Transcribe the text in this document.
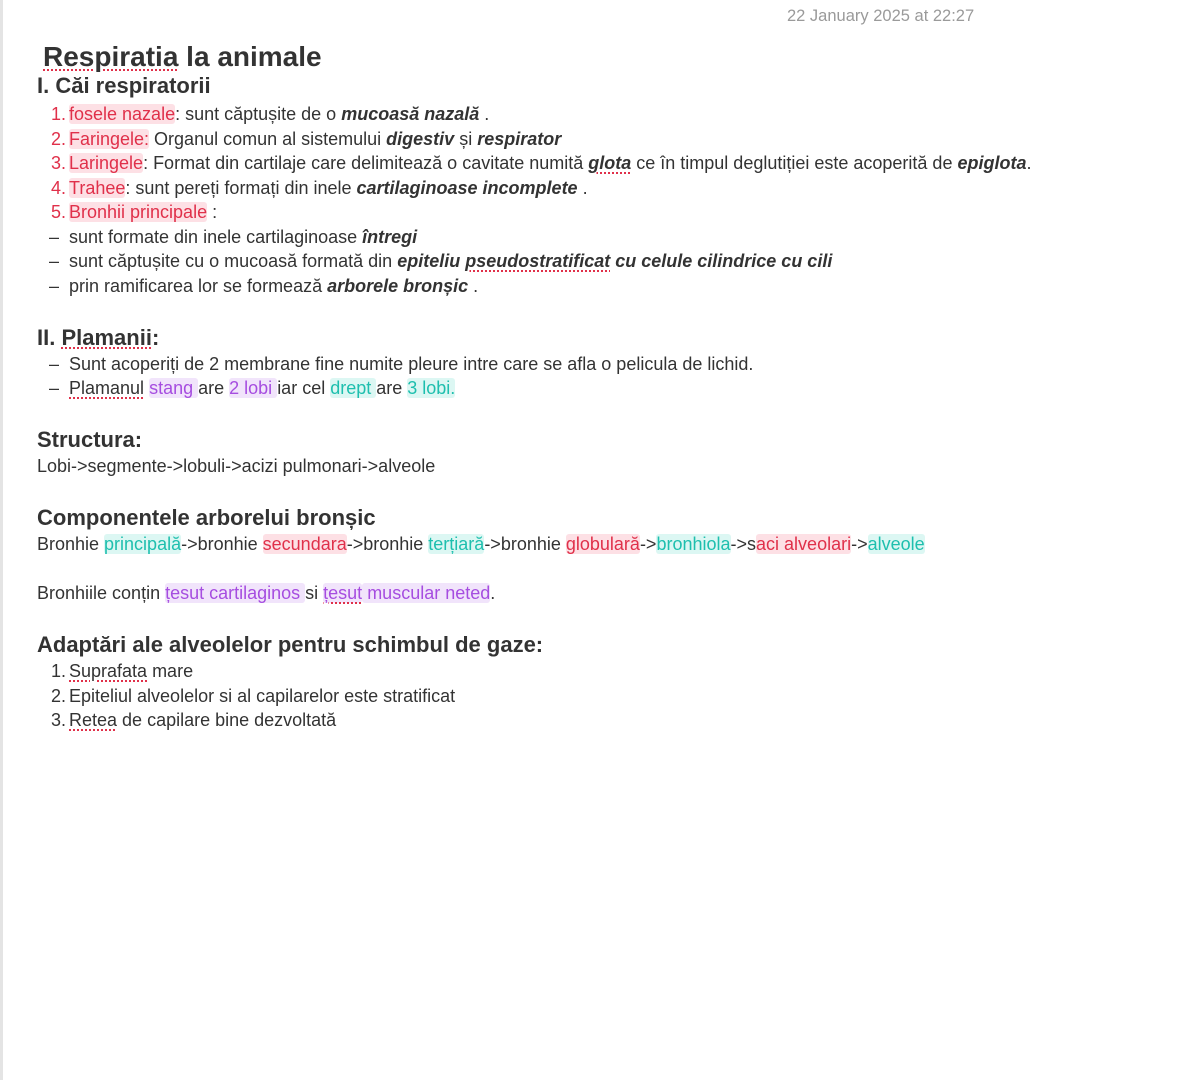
22 January 2025 at 22:27
Respiratia la animale
I. Căi respiratorii
1. fosele nazale: sunt căptușite de o mucoasă nazală .
2. Faringele: Organul comun al sistemului digestiv și respirator
3. Laringele: Format din cartilaje care delimitează o cavitate numită glota ce în timpul deglutiției este acoperită de epiglota.
4. Trahee: sunt pereți formați din inele cartilaginoase incomplete .
5. Bronhii principale :
– sunt formate din inele cartilaginoase întregi
– sunt căptușite cu o mucoasă formată din epiteliu pseudostratificat cu celule cilindrice cu cili
– prin ramificarea lor se formează arborele bronșic .
II. Plamanii:
– Sunt acoperiți de 2 membrane fine numite pleure intre care se afla o pelicula de lichid.
– Plamanul stang are 2 lobi iar cel drept are 3 lobi.
Structura:
Lobi->segmente->lobuli->acizi pulmonari->alveole
Componentele arborelui bronșic
Bronhie principală->bronhie secundara->bronhie terțiară->bronhie globulară->bronhiola->saci alveolari->alveole
Bronhiile conțin țesut cartilaginos si țesut muscular neted.
Adaptări ale alveolelor pentru schimbul de gaze:
1. Suprafata mare
2. Epiteliul alveolelor si al capilarelor este stratificat
3. Retea de capilare bine dezvoltată
